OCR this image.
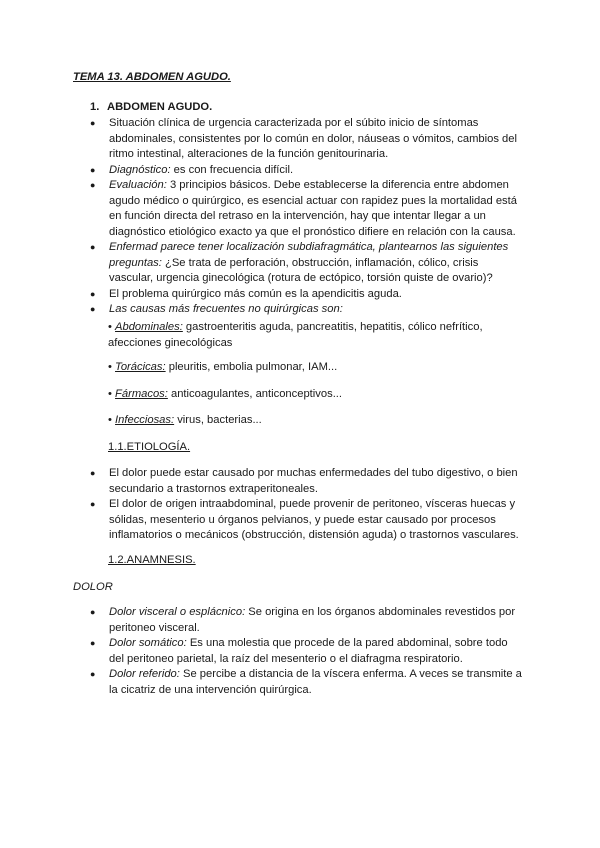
TEMA 13. ABDOMEN AGUDO.
1. ABDOMEN AGUDO.
● Situación clínica de urgencia caracterizada por el súbito inicio de síntomas abdominales, consistentes por lo común en dolor, náuseas o vómitos, cambios del ritmo intestinal, alteraciones de la función genitourinaria.
● Diagnóstico: es con frecuencia difícil.
● Evaluación: 3 principios básicos. Debe establecerse la diferencia entre abdomen agudo médico o quirúrgico, es esencial actuar con rapidez pues la mortalidad está en función directa del retraso en la intervención, hay que intentar llegar a un diagnóstico etiológico exacto ya que el pronóstico difiere en relación con la causa.
● Enfermad parece tener localización subdiafragmática, plantearnos las siguientes preguntas: ¿Se trata de perforación, obstrucción, inflamación, cólico, crisis vascular, urgencia ginecológica (rotura de ectópico, torsión quiste de ovario)?
● El problema quirúrgico más común es la apendicitis aguda.
● Las causas más frecuentes no quirúrgicas son:
• Abdominales: gastroenteritis aguda, pancreatitis, hepatitis, cólico nefrítico, afecciones ginecológicas
• Torácicas: pleuritis, embolia pulmonar, IAM...
• Fármacos: anticoagulantes, anticonceptivos...
• Infecciosas: virus, bacterias...
1.1.ETIOLOGÍA.
● El dolor puede estar causado por muchas enfermedades del tubo digestivo, o bien secundario a trastornos extraperitoneales.
● El dolor de origen intraabdominal, puede provenir de peritoneo, vísceras huecas y sólidas, mesenterio u órganos pelvianos, y puede estar causado por procesos inflamatorios o mecánicos (obstrucción, distensión aguda) o trastornos vasculares.
1.2.ANAMNESIS.
DOLOR
● Dolor visceral o esplácnico: Se origina en los órganos abdominales revestidos por peritoneo visceral.
● Dolor somático: Es una molestia que procede de la pared abdominal, sobre todo del peritoneo parietal, la raíz del mesenterio o el diafragma respiratorio.
● Dolor referido: Se percibe a distancia de la víscera enferma. A veces se transmite a la cicatriz de una intervención quirúrgica.
